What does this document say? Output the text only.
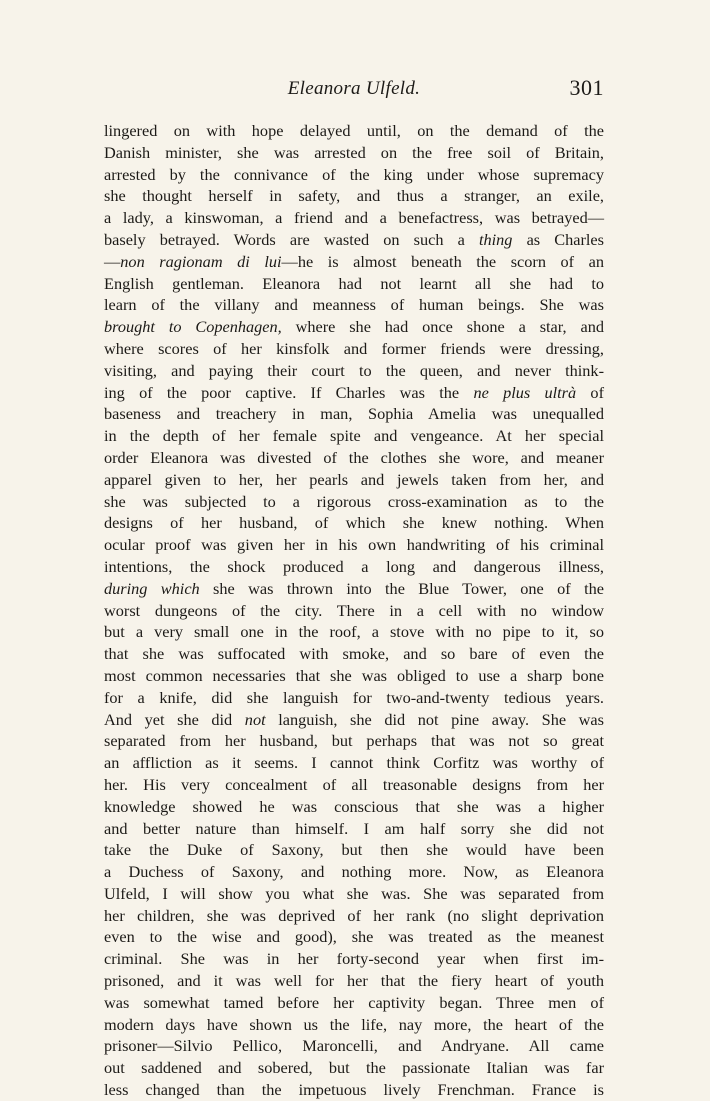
Eleanora Ulfeld.	301
lingered on with hope delayed until, on the demand of the
Danish minister, she was arrested on the free soil of Britain,
arrested by the connivance of the king under whose supremacy
she thought herself in safety, and thus a stranger, an exile,
a lady, a kinswoman, a friend and a benefactress, was betrayed—
basely betrayed. Words are wasted on such a thing as Charles
—non ragionam di lui—he is almost beneath the scorn of an
English gentleman. Eleanora had not learnt all she had to
learn of the villany and meanness of human beings. She was
brought to Copenhagen, where she had once shone a star, and
where scores of her kinsfolk and former friends were dressing,
visiting, and paying their court to the queen, and never think-
ing of the poor captive. If Charles was the ne plus ultrà of
baseness and treachery in man, Sophia Amelia was unequalled
in the depth of her female spite and vengeance. At her special
order Eleanora was divested of the clothes she wore, and meaner
apparel given to her, her pearls and jewels taken from her, and
she was subjected to a rigorous cross-examination as to the
designs of her husband, of which she knew nothing. When
ocular proof was given her in his own handwriting of his criminal
intentions, the shock produced a long and dangerous illness,
during which she was thrown into the Blue Tower, one of the
worst dungeons of the city. There in a cell with no window
but a very small one in the roof, a stove with no pipe to it, so
that she was suffocated with smoke, and so bare of even the
most common necessaries that she was obliged to use a sharp bone
for a knife, did she languish for two-and-twenty tedious years.
And yet she did not languish, she did not pine away. She was
separated from her husband, but perhaps that was not so great
an affliction as it seems. I cannot think Corfitz was worthy of
her. His very concealment of all treasonable designs from her
knowledge showed he was conscious that she was a higher
and better nature than himself. I am half sorry she did not
take the Duke of Saxony, but then she would have been
a Duchess of Saxony, and nothing more. Now, as Eleanora
Ulfeld, I will show you what she was. She was separated from
her children, she was deprived of her rank (no slight deprivation
even to the wise and good), she was treated as the meanest
criminal. She was in her forty-second year when first im-
prisoned, and it was well for her that the fiery heart of youth
was somewhat tamed before her captivity began. Three men of
modern days have shown us the life, nay more, the heart of the
prisoner—Silvio Pellico, Maroncelli, and Andryane. All came
out saddened and sobered, but the passionate Italian was far
less changed than the impetuous lively Frenchman. France is
